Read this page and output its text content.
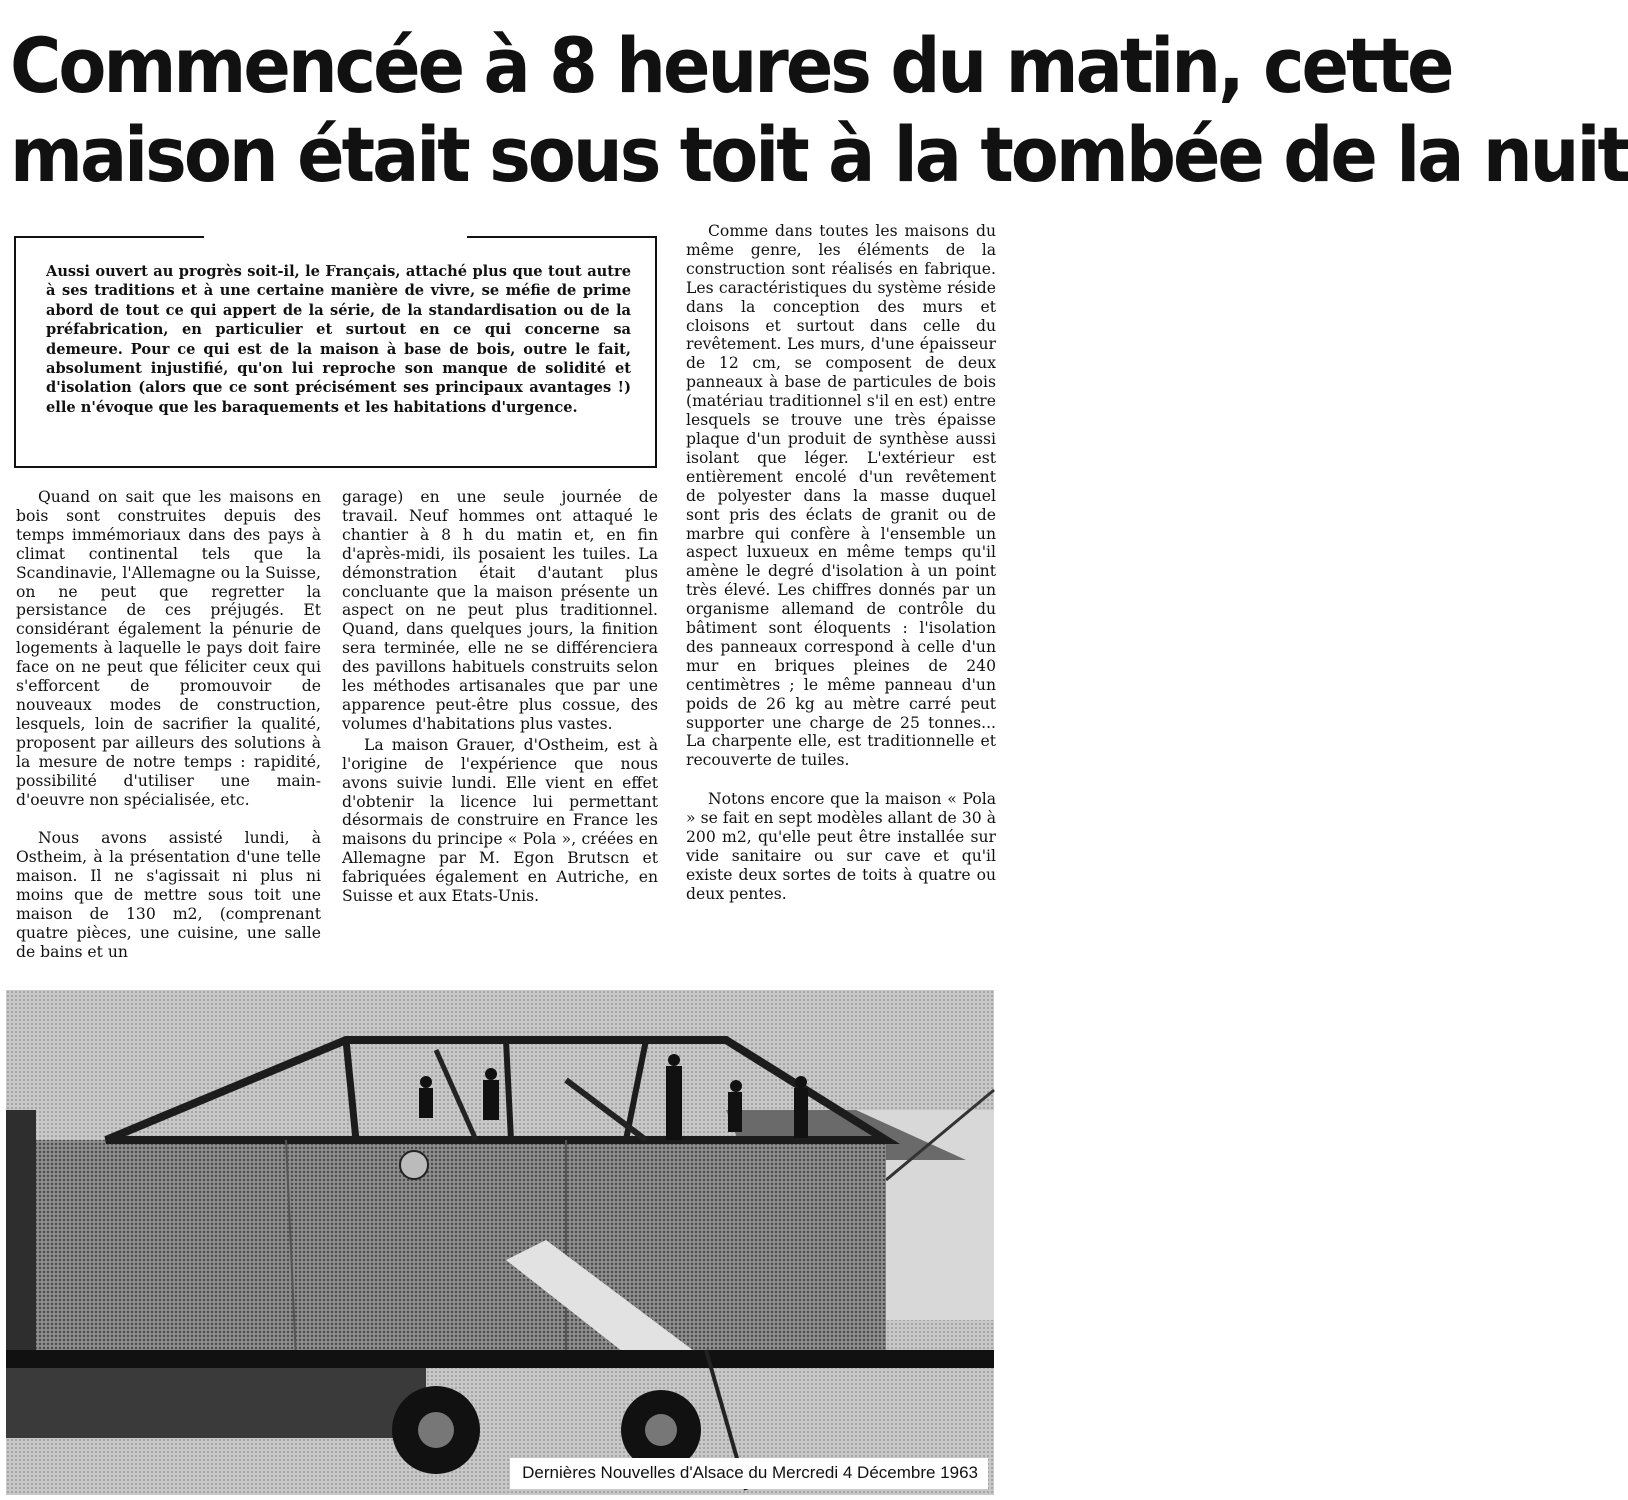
Commencée à 8 heures du matin, cette
maison était sous toit à la tombée de la nuit
Aussi ouvert au progrès soit-il, le Français, attaché plus que tout autre à ses traditions et à une certaine manière de vivre, se méfie de prime abord de tout ce qui appert de la série, de la standardisation ou de la préfabrication, en particulier et surtout en ce qui concerne sa demeure. Pour ce qui est de la maison à base de bois, outre le fait, absolument injustifié, qu'on lui reproche son manque de solidité et d'isolation (alors que ce sont précisément ses principaux avantages !) elle n'évoque que les baraquements et les habitations d'urgence.

Quand on sait que les maisons en bois sont construites depuis des temps immémoriaux dans des pays à climat continental tels que la Scandinavie, l'Allemagne ou la Suisse, on ne peut que regretter la persistance de ces préjugés. Et considérant également la pénurie de logements à laquelle le pays doit faire face on ne peut que féliciter ceux qui s'efforcent de promouvoir de nouveaux modes de construction, lesquels, loin de sacrifier la qualité, proposent par ailleurs des solutions à la mesure de notre temps : rapidité, possibilité d'utiliser une main-d'oeuvre non spécialisée, etc.

Nous avons assisté lundi, à Ostheim, à la présentation d'une telle maison. Il ne s'agissait ni plus ni moins que de mettre sous toit une maison de 130 m2, (comprenant quatre pièces, une cuisine, une salle de bains et un

garage) en une seule journée de travail. Neuf hommes ont attaqué le chantier à 8 h du matin et, en fin d'après-midi, ils posaient les tuiles. La démonstration était d'autant plus concluante que la maison présente un aspect on ne peut plus traditionnel. Quand, dans quelques jours, la finition sera terminée, elle ne se différenciera des pavillons habituels construits selon les méthodes artisanales que par une apparence peut-être plus cossue, des volumes d'habitations plus vastes.

La maison Grauer, d'Ostheim, est à l'origine de l'expérience que nous avons suivie lundi. Elle vient en effet d'obtenir la licence lui permettant désormais de construire en France les maisons du principe « Pola », créées en Allemagne par M. Egon Brutscn et fabriquées également en Autriche, en Suisse et aux Etats-Unis.

Comme dans toutes les maisons du même genre, les éléments de la construction sont réalisés en fabrique. Les caractéristiques du système réside dans la conception des murs et cloisons et surtout dans celle du revêtement. Les murs, d'une épaisseur de 12 cm, se composent de deux panneaux à base de particules de bois (matériau traditionnel s'il en est) entre lesquels se trouve une très épaisse plaque d'un produit de synthèse aussi isolant que léger. L'extérieur est entièrement encolé d'un revêtement de polyester dans la masse duquel sont pris des éclats de granit ou de marbre qui confère à l'ensemble un aspect luxueux en même temps qu'il amène le degré d'isolation à un point très élevé. Les chiffres donnés par un organisme allemand de contrôle du bâtiment sont éloquents : l'isolation des panneaux correspond à celle d'un mur en briques pleines de 240 centimètres ; le même panneau d'un poids de 26 kg au mètre carré peut supporter une charge de 25 tonnes... La charpente elle, est traditionnelle et recouverte de tuiles.

Notons encore que la maison « Pola » se fait en sept modèles allant de 30 à 200 m2, qu'elle peut être installée sur vide sanitaire ou sur cave et qu'il existe deux sortes de toits à quatre ou deux pentes.

Dernières Nouvelles d'Alsace du Mercredi 4 Décembre 1963
